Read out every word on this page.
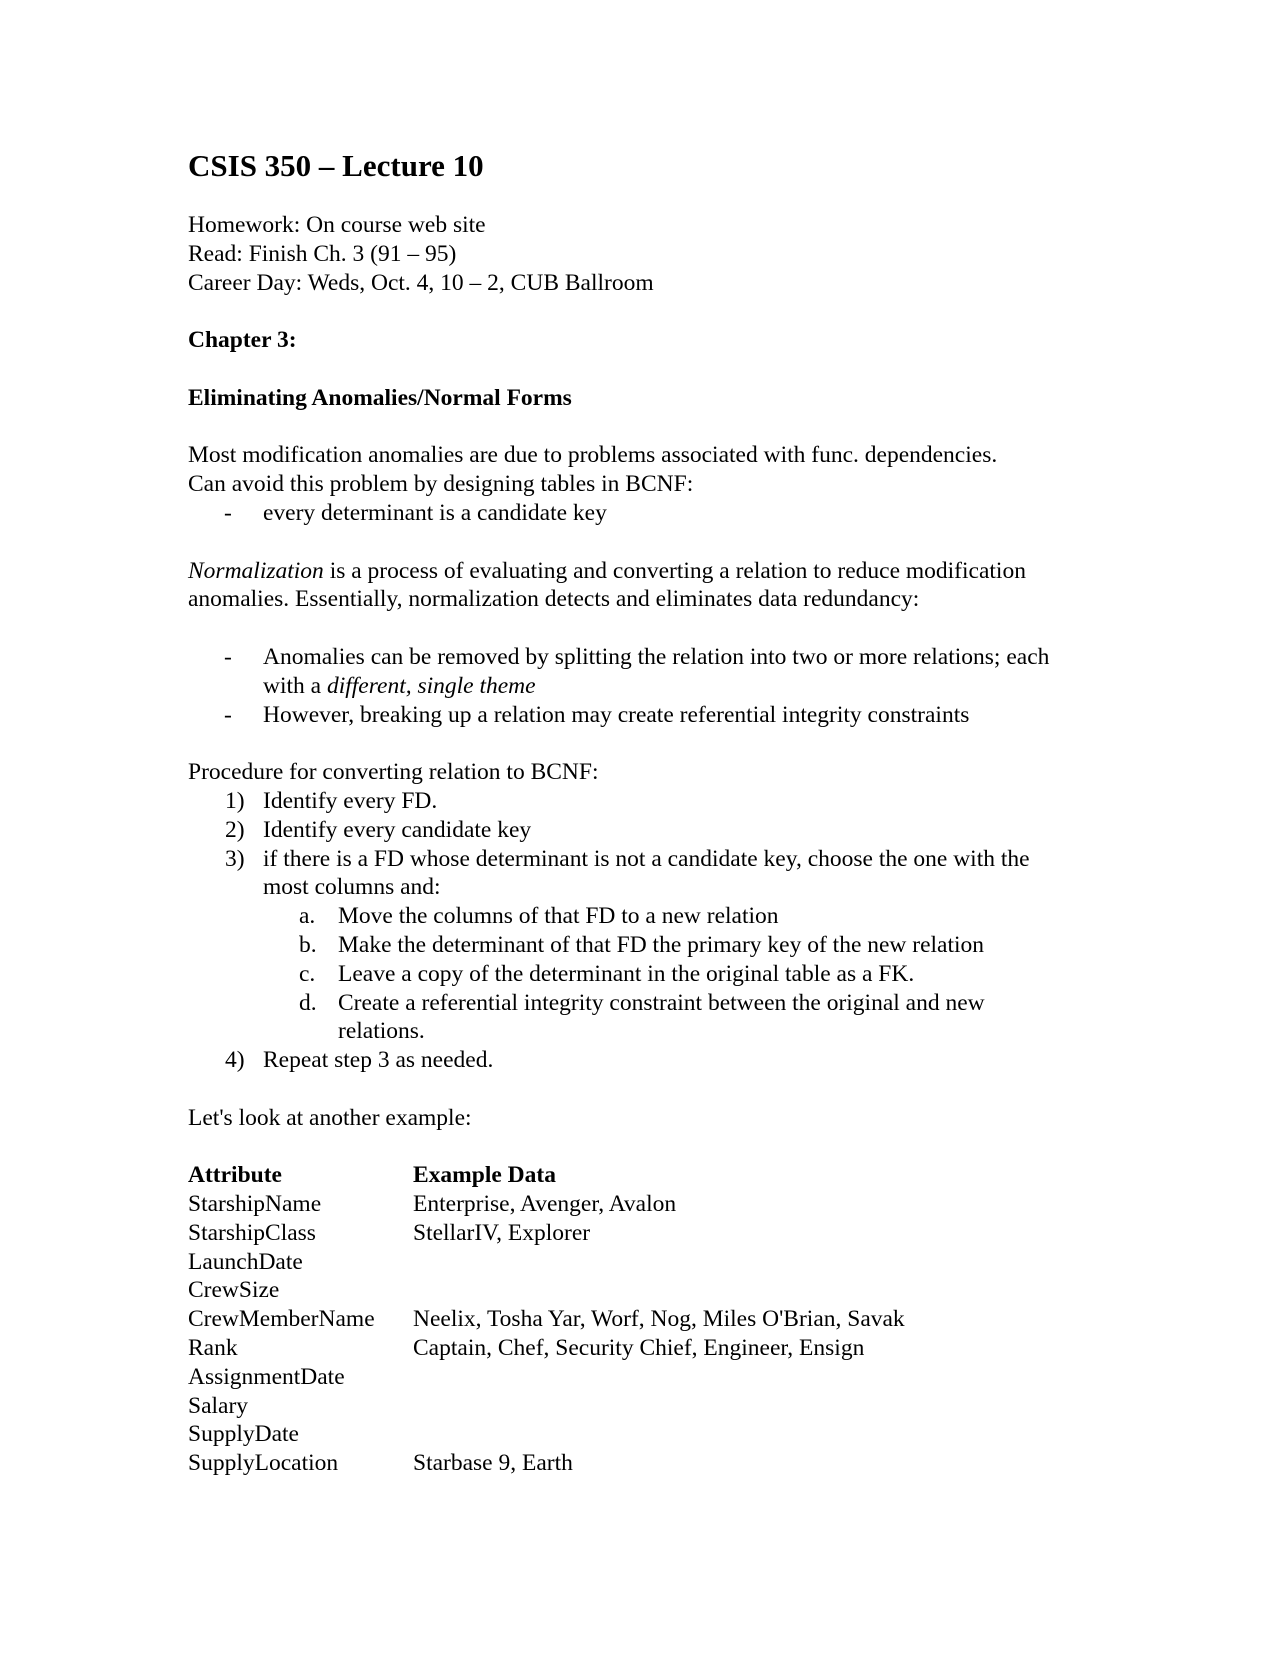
CSIS 350 – Lecture 10
Homework: On course web site
Read: Finish Ch. 3 (91 – 95)
Career Day: Weds, Oct. 4, 10 – 2, CUB Ballroom
Chapter 3:
Eliminating Anomalies/Normal Forms
Most modification anomalies are due to problems associated with func. dependencies.
Can avoid this problem by designing tables in BCNF:
- every determinant is a candidate key
Normalization is a process of evaluating and converting a relation to reduce modification
anomalies. Essentially, normalization detects and eliminates data redundancy:
- Anomalies can be removed by splitting the relation into two or more relations; each with a different, single theme
- However, breaking up a relation may create referential integrity constraints
Procedure for converting relation to BCNF:
1) Identify every FD.
2) Identify every candidate key
3) if there is a FD whose determinant is not a candidate key, choose the one with the most columns and:
a. Move the columns of that FD to a new relation
b. Make the determinant of that FD the primary key of the new relation
c. Leave a copy of the determinant in the original table as a FK.
d. Create a referential integrity constraint between the original and new relations.
4) Repeat step 3 as needed.
Let's look at another example:
Attribute	Example Data
StarshipName	Enterprise, Avenger, Avalon
StarshipClass	StellarIV, Explorer
LaunchDate	
CrewSize	
CrewMemberName	Neelix, Tosha Yar, Worf, Nog, Miles O'Brian, Savak
Rank	Captain, Chef, Security Chief, Engineer, Ensign
AssignmentDate	
Salary	
SupplyDate	
SupplyLocation	Starbase 9, Earth
